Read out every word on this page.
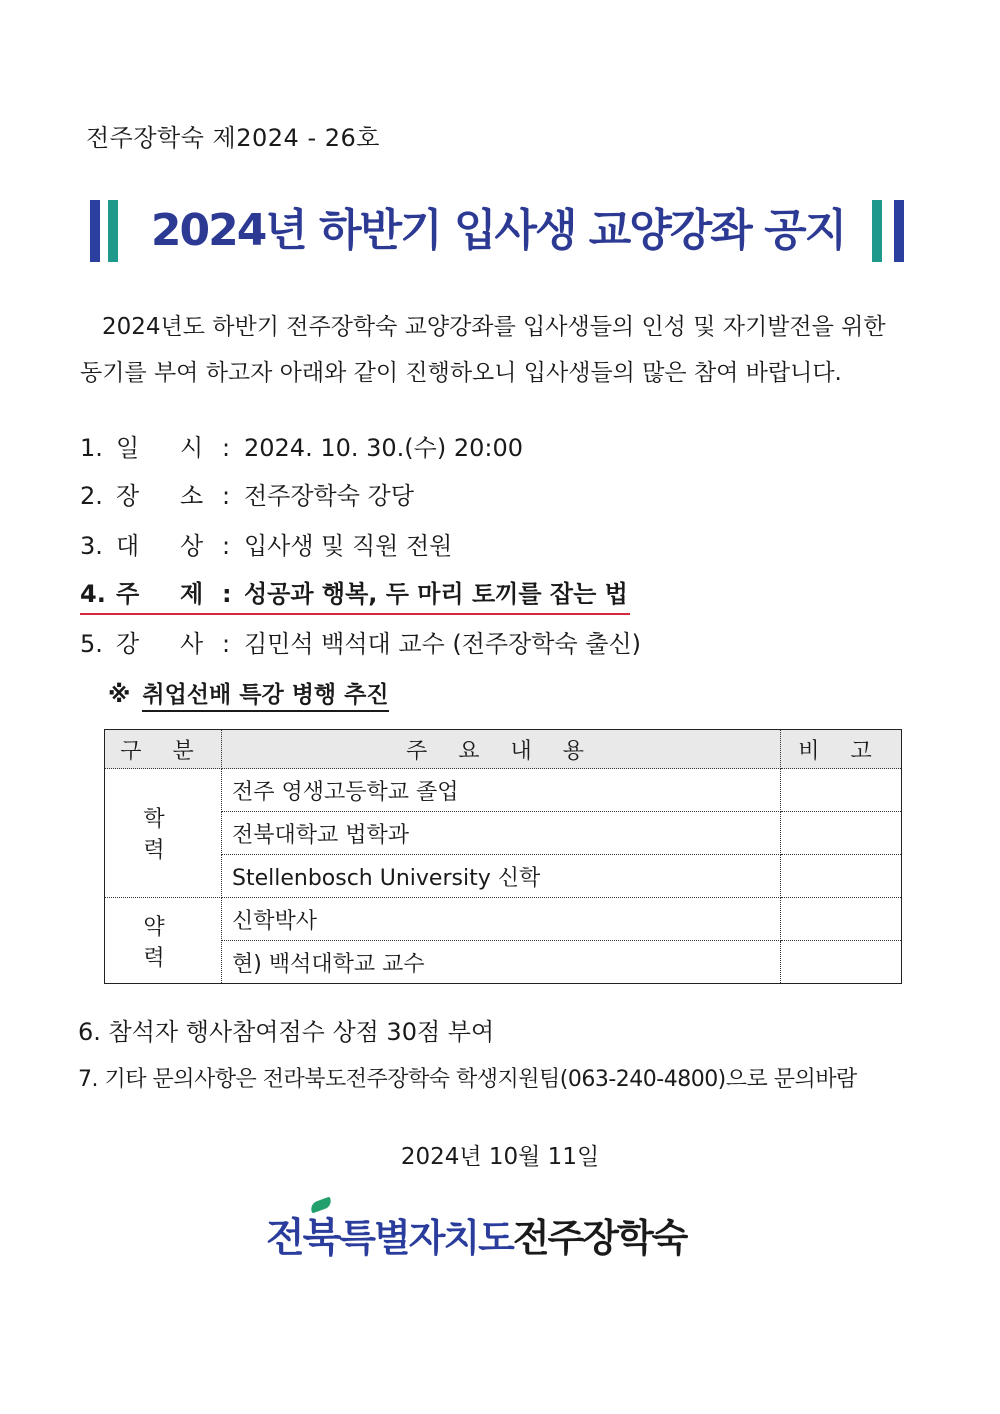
전주장학숙 제2024 - 26호
2024년 하반기 입사생 교양강좌 공지

2024년도 하반기 전주장학숙 교양강좌를 입사생들의 인성 및 자기발전을 위한

동기를 부여 하고자 아래와 같이 진행하오니 입사생들의 많은 참여 바랍니다.

1. 일 시 : 2024. 10. 30.(수) 20:00
2. 장 소 : 전주장학숙 강당
3. 대 상 : 입사생 및 직원 전원
4. 주 제 : 성공과 행복, 두 마리 토끼를 잡는 법
5. 강 사 : 김민석 백석대 교수 (전주장학숙 출신)
※ 취업선배 특강 병행 추진
구 분	주 요 내 용	비 고
학 력	전주 영생고등학교 졸업	
	전북대학교 법학과	
	Stellenbosch University 신학	
약 력	신학박사	
	현) 백석대학교 교수	
6. 참석자 행사참여점수 상점 30점 부여
7. 기타 문의사항은 전라북도전주장학숙 학생지원팀(063-240-4800)으로 문의바람
2024년 10월 11일
전북특별자치도전주장학숙
